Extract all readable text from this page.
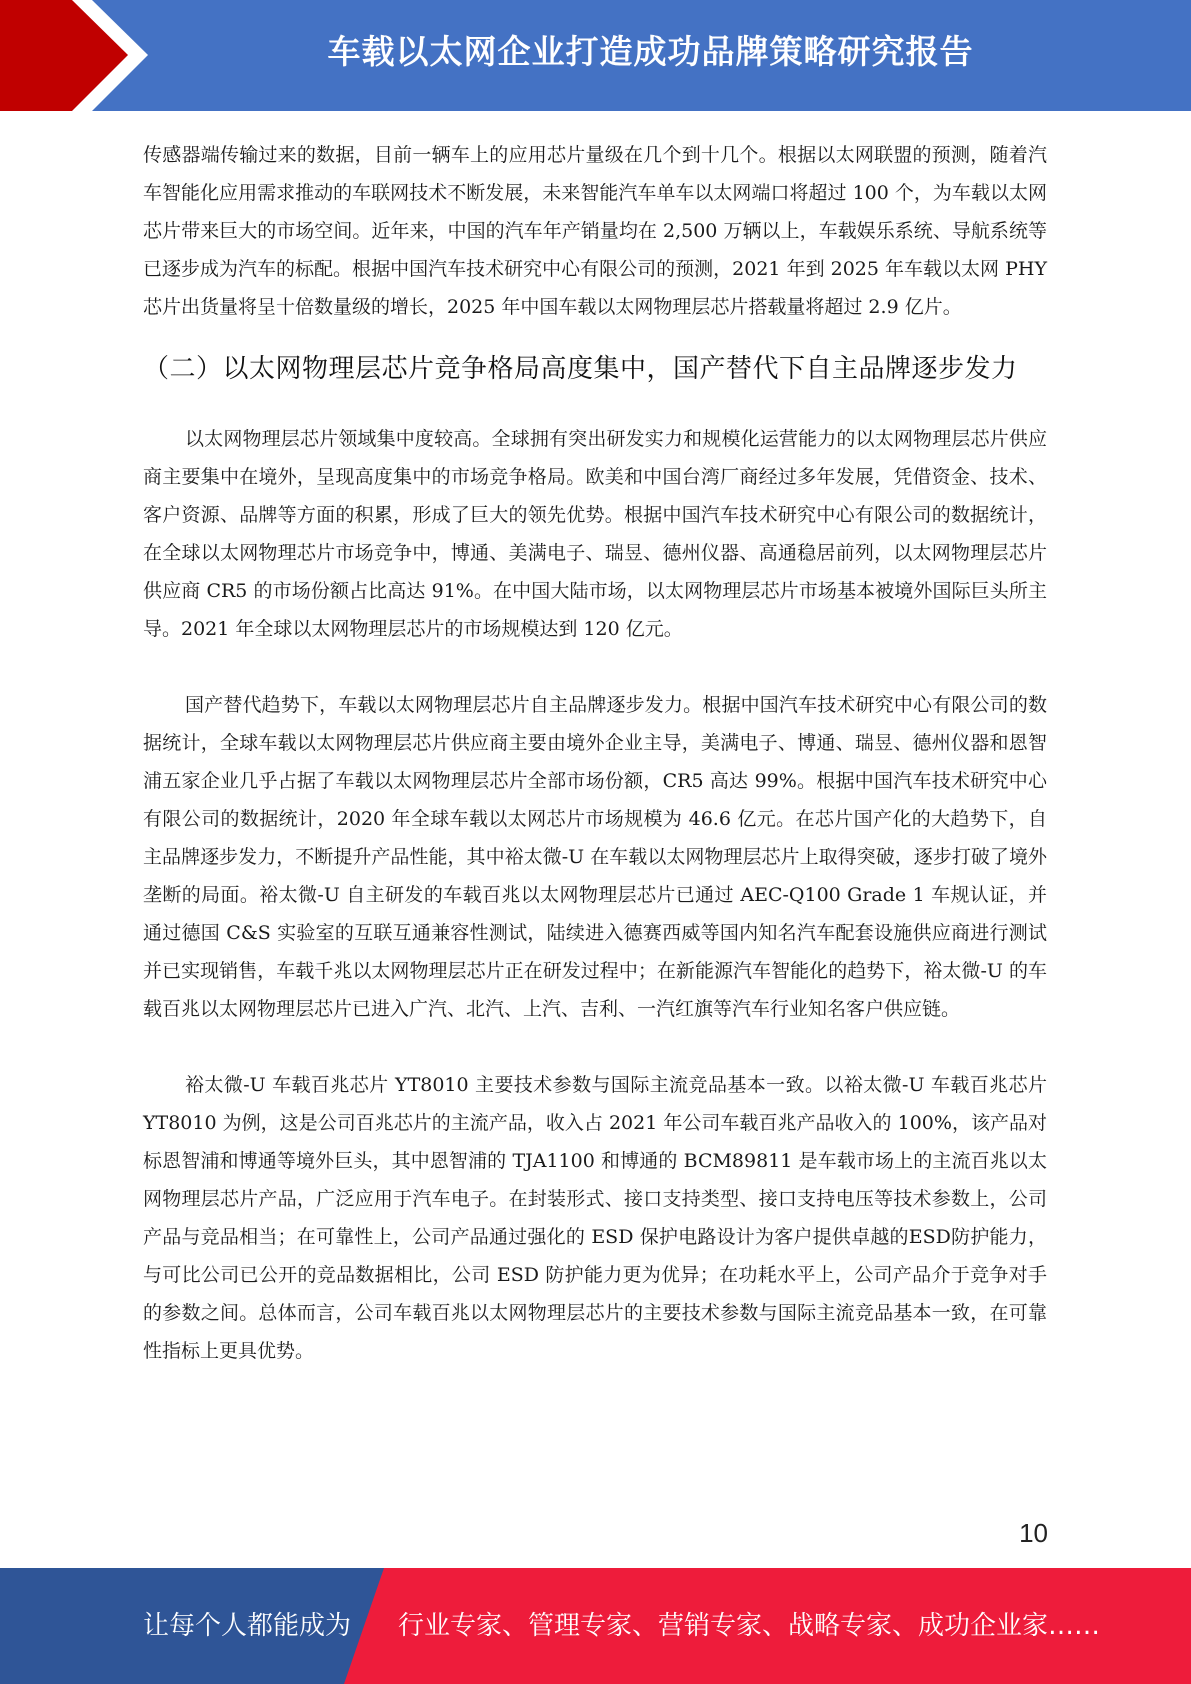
车载以太网企业打造成功品牌策略研究报告

传感器端传输过来的数据，目前一辆车上的应用芯片量级在几个到十几个。根据以太网联盟的预测，随着汽车智能化应用需求推动的车联网技术不断发展，未来智能汽车单车以太网端口将超过 100 个，为车载以太网芯片带来巨大的市场空间。近年来，中国的汽车年产销量均在 2,500 万辆以上，车载娱乐系统、导航系统等已逐步成为汽车的标配。根据中国汽车技术研究中心有限公司的预测，2021 年到 2025 年车载以太网 PHY 芯片出货量将呈十倍数量级的增长，2025 年中国车载以太网物理层芯片搭载量将超过 2.9 亿片。

（二）以太网物理层芯片竞争格局高度集中，国产替代下自主品牌逐步发力

以太网物理层芯片领域集中度较高。全球拥有突出研发实力和规模化运营能力的以太网物理层芯片供应商主要集中在境外，呈现高度集中的市场竞争格局。欧美和中国台湾厂商经过多年发展，凭借资金、技术、客户资源、品牌等方面的积累，形成了巨大的领先优势。根据中国汽车技术研究中心有限公司的数据统计，在全球以太网物理芯片市场竞争中，博通、美满电子、瑞昱、德州仪器、高通稳居前列，以太网物理层芯片供应商 CR5 的市场份额占比高达 91%。在中国大陆市场，以太网物理层芯片市场基本被境外国际巨头所主导。2021 年全球以太网物理层芯片的市场规模达到 120 亿元。

国产替代趋势下，车载以太网物理层芯片自主品牌逐步发力。根据中国汽车技术研究中心有限公司的数据统计，全球车载以太网物理层芯片供应商主要由境外企业主导，美满电子、博通、瑞昱、德州仪器和恩智浦五家企业几乎占据了车载以太网物理层芯片全部市场份额，CR5 高达 99%。根据中国汽车技术研究中心有限公司的数据统计，2020 年全球车载以太网芯片市场规模为 46.6 亿元。在芯片国产化的大趋势下，自主品牌逐步发力，不断提升产品性能，其中裕太微-U 在车载以太网物理层芯片上取得突破，逐步打破了境外垄断的局面。裕太微-U 自主研发的车载百兆以太网物理层芯片已通过 AEC-Q100 Grade 1 车规认证，并通过德国 C&S 实验室的互联互通兼容性测试，陆续进入德赛西威等国内知名汽车配套设施供应商进行测试并已实现销售，车载千兆以太网物理层芯片正在研发过程中；在新能源汽车智能化的趋势下，裕太微-U 的车载百兆以太网物理层芯片已进入广汽、北汽、上汽、吉利、一汽红旗等汽车行业知名客户供应链。

裕太微-U 车载百兆芯片 YT8010 主要技术参数与国际主流竞品基本一致。以裕太微-U 车载百兆芯片 YT8010 为例，这是公司百兆芯片的主流产品，收入占 2021 年公司车载百兆产品收入的 100%，该产品对标恩智浦和博通等境外巨头，其中恩智浦的 TJA1100 和博通的 BCM89811 是车载市场上的主流百兆以太网物理层芯片产品，广泛应用于汽车电子。在封装形式、接口支持类型、接口支持电压等技术参数上，公司产品与竞品相当；在可靠性上，公司产品通过强化的 ESD 保护电路设计为客户提供卓越的ESD防护能力，与可比公司已公开的竞品数据相比，公司 ESD 防护能力更为优异；在功耗水平上，公司产品介于竞争对手的参数之间。总体而言，公司车载百兆以太网物理层芯片的主要技术参数与国际主流竞品基本一致，在可靠性指标上更具优势。

10
让每个人都能成为 行业专家、管理专家、营销专家、战略专家、成功企业家……
